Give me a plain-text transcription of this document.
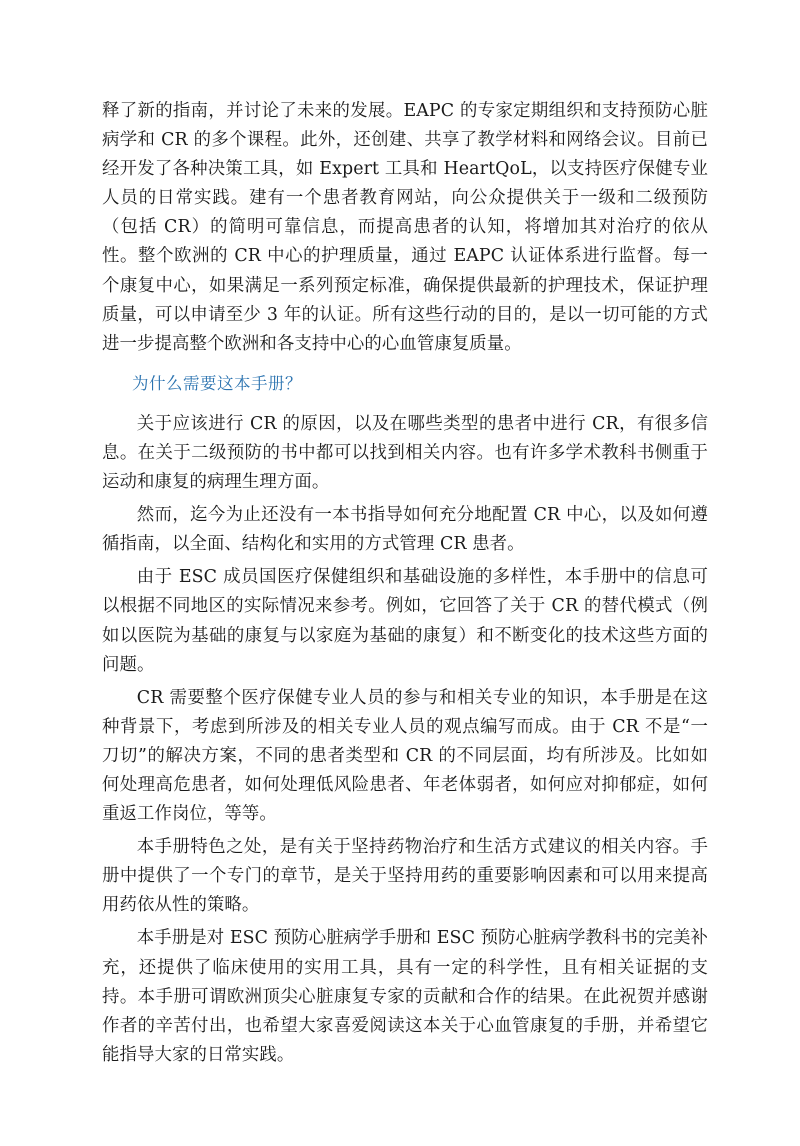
释了新的指南，并讨论了未来的发展。EAPC 的专家定期组织和支持预防心脏病学和 CR 的多个课程。此外，还创建、共享了教学材料和网络会议。目前已经开发了各种决策工具，如 Expert 工具和 HeartQoL，以支持医疗保健专业人员的日常实践。建有一个患者教育网站，向公众提供关于一级和二级预防（包括 CR）的简明可靠信息，而提高患者的认知，将增加其对治疗的依从性。整个欧洲的 CR 中心的护理质量，通过 EAPC 认证体系进行监督。每一个康复中心，如果满足一系列预定标准，确保提供最新的护理技术，保证护理质量，可以申请至少 3 年的认证。所有这些行动的目的，是以一切可能的方式进一步提高整个欧洲和各支持中心的心血管康复质量。

为什么需要这本手册？

关于应该进行 CR 的原因，以及在哪些类型的患者中进行 CR，有很多信息。在关于二级预防的书中都可以找到相关内容。也有许多学术教科书侧重于运动和康复的病理生理方面。

然而，迄今为止还没有一本书指导如何充分地配置 CR 中心，以及如何遵循指南，以全面、结构化和实用的方式管理 CR 患者。

由于 ESC 成员国医疗保健组织和基础设施的多样性，本手册中的信息可以根据不同地区的实际情况来参考。例如，它回答了关于 CR 的替代模式（例如以医院为基础的康复与以家庭为基础的康复）和不断变化的技术这些方面的问题。

CR 需要整个医疗保健专业人员的参与和相关专业的知识，本手册是在这种背景下，考虑到所涉及的相关专业人员的观点编写而成。由于 CR 不是“一刀切”的解决方案，不同的患者类型和 CR 的不同层面，均有所涉及。比如如何处理高危患者，如何处理低风险患者、年老体弱者，如何应对抑郁症，如何重返工作岗位，等等。

本手册特色之处，是有关于坚持药物治疗和生活方式建议的相关内容。手册中提供了一个专门的章节，是关于坚持用药的重要影响因素和可以用来提高用药依从性的策略。

本手册是对 ESC 预防心脏病学手册和 ESC 预防心脏病学教科书的完美补充，还提供了临床使用的实用工具，具有一定的科学性，且有相关证据的支持。本手册可谓欧洲顶尖心脏康复专家的贡献和合作的结果。在此祝贺并感谢作者的辛苦付出，也希望大家喜爱阅读这本关于心血管康复的手册，并希望它能指导大家的日常实践。
